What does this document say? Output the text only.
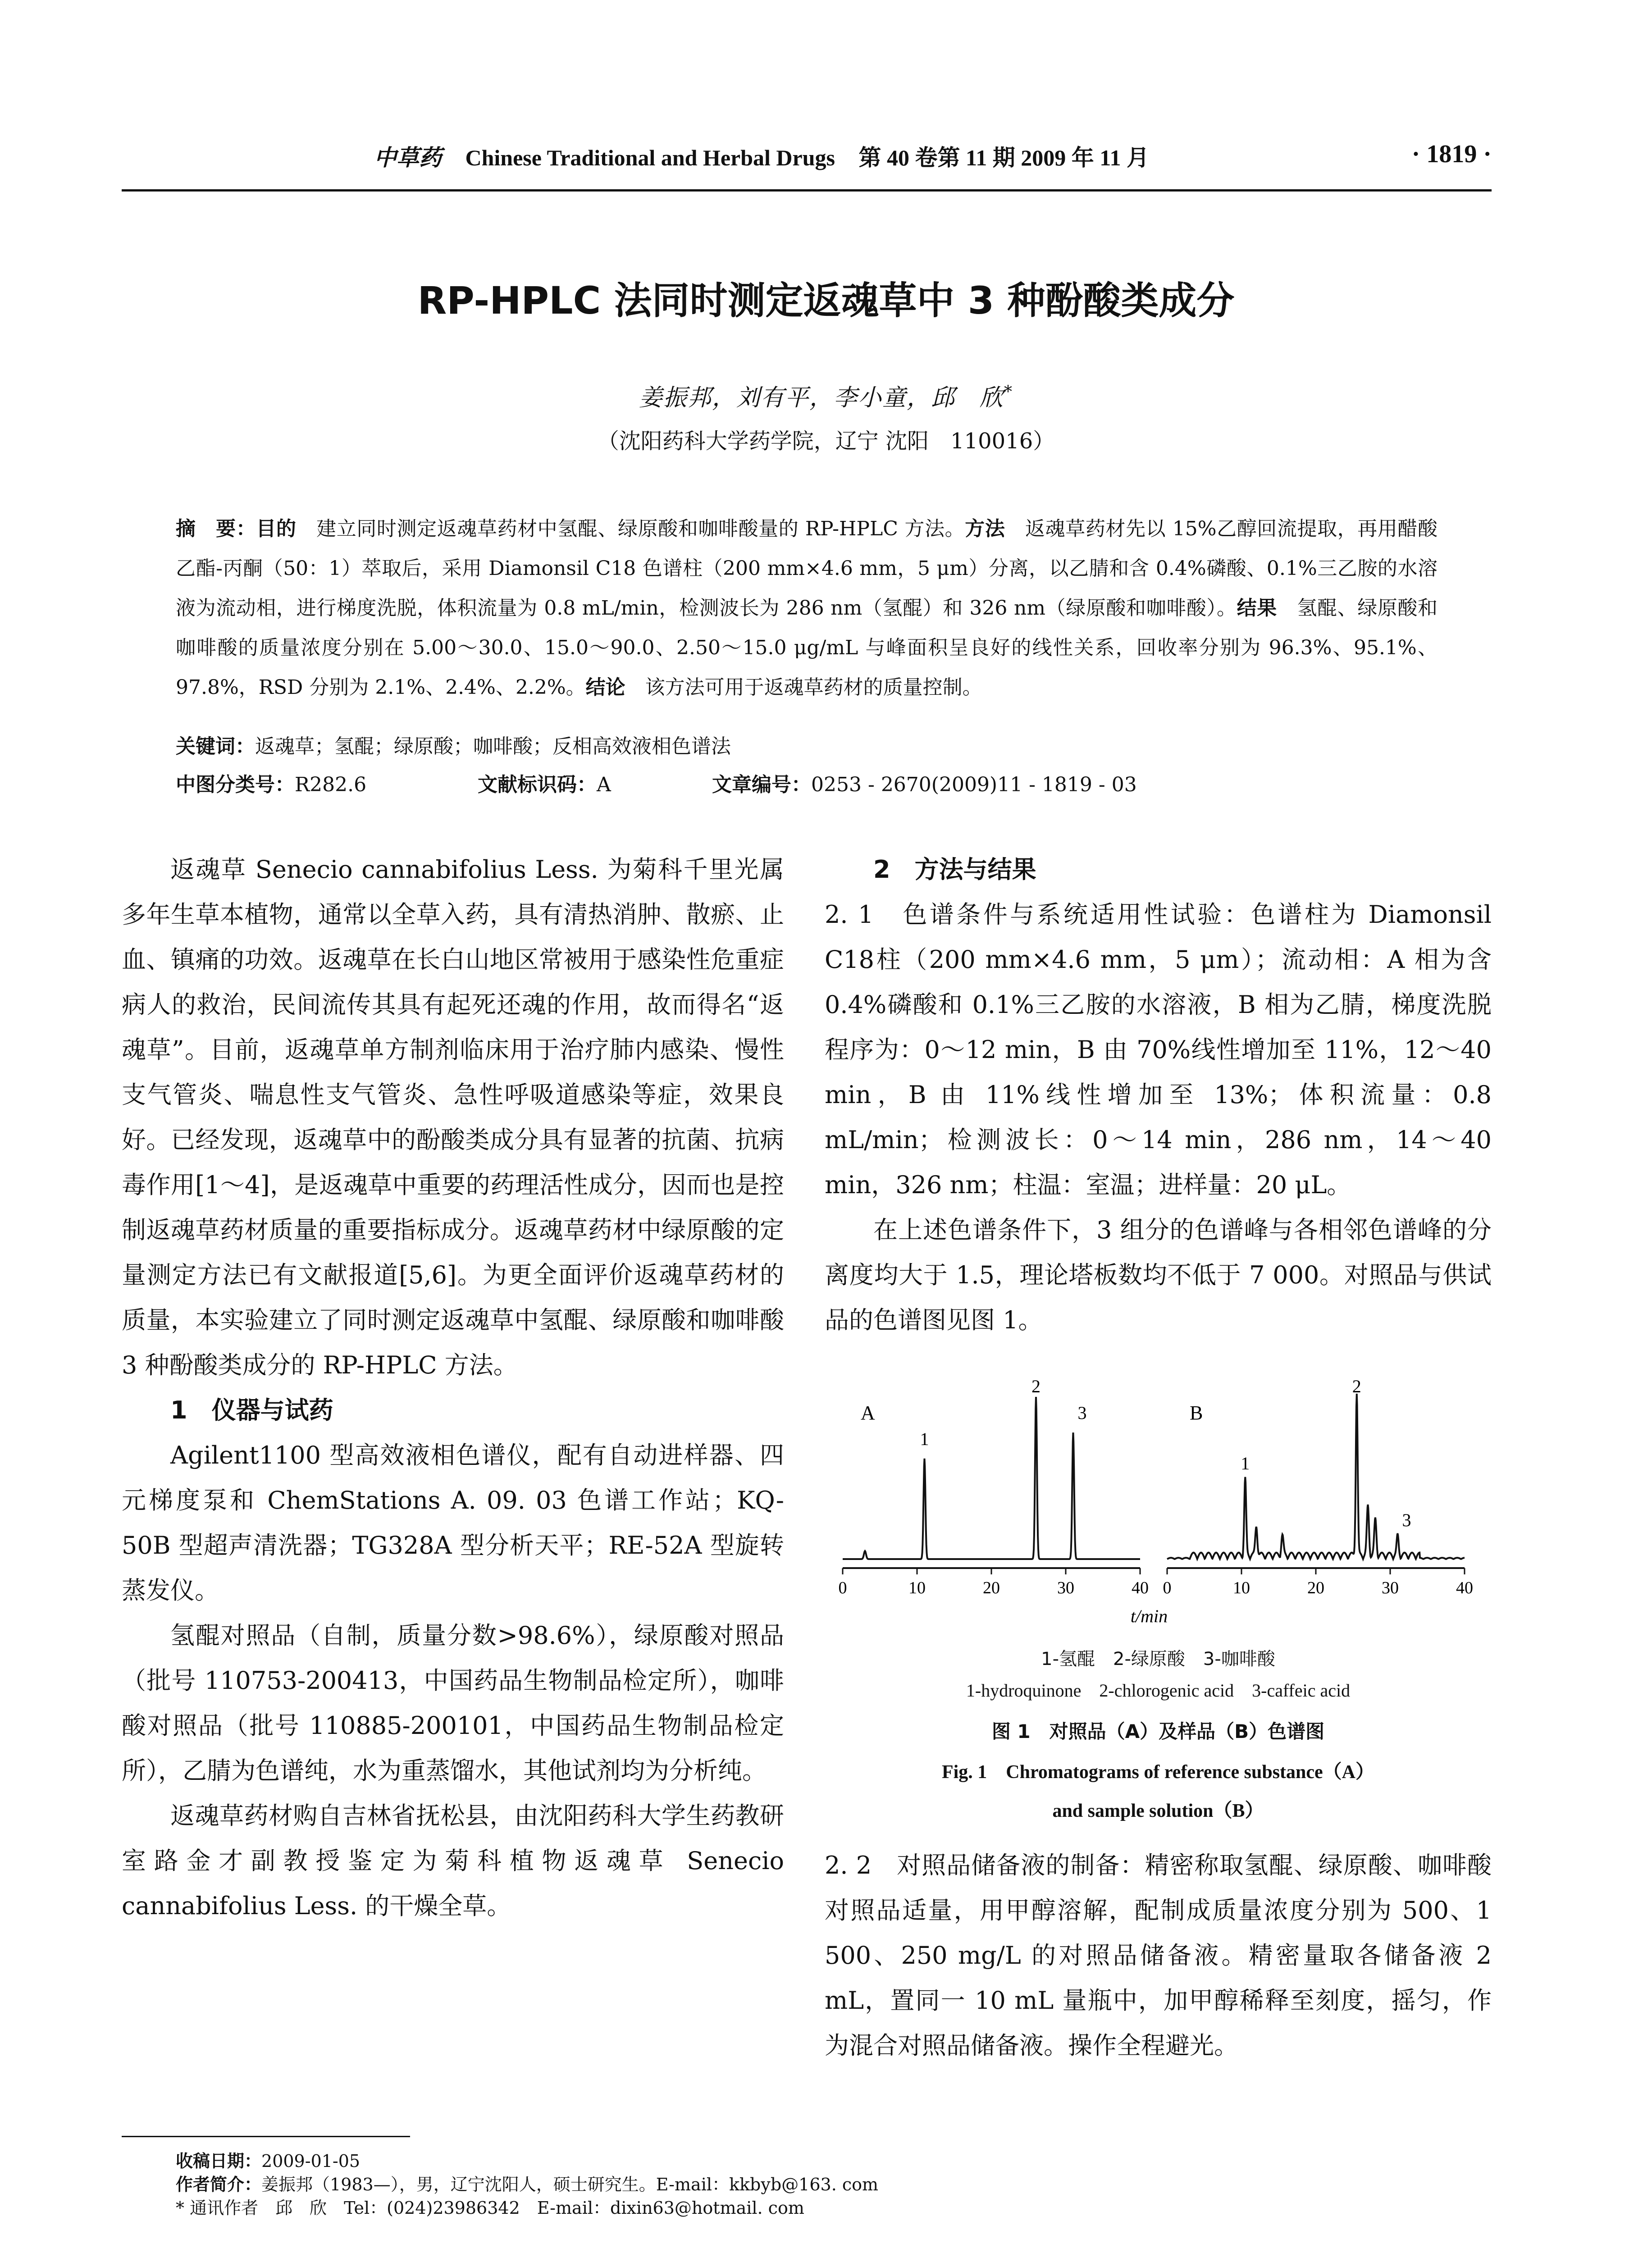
中草药 Chinese Traditional and Herbal Drugs 第 40 卷第 11 期 2009 年 11 月	· 1819 ·
RP-HPLC 法同时测定返魂草中 3 种酚酸类成分
姜振邦，刘有平，李小童，邱　欣*
（沈阳药科大学药学院，辽宁 沈阳　110016）
摘　要：目的　 建立同时测定返魂草药材中氢醌、绿原酸和咖啡酸量的 RP-HPLC 方法。方法　 返魂草药材先以 15%乙醇回流提取，再用醋酸乙酯-丙酮（50：1）萃取后，采用 Diamonsil C18 色谱柱（200 mm×4.6 mm，5 μm）分离，以乙腈和含 0.4%磷酸、0.1%三乙胺的水溶液为流动相，进行梯度洗脱，体积流量为 0.8 mL/min，检测波长为 286 nm（氢醌）和 326 nm（绿原酸和咖啡酸）。结果　 氢醌、绿原酸和咖啡酸的质量浓度分别在 5.00～30.0、15.0～90.0、2.50～15.0 μg/mL 与峰面积呈良好的线性关系，回收率分别为 96.3%、95.1%、97.8%，RSD 分别为 2.1%、2.4%、2.2%。结论　 该方法可用于返魂草药材的质量控制。
关键词：返魂草；氢醌；绿原酸；咖啡酸；反相高效液相色谱法
中图分类号：R282.6	文献标识码：A	文章编号：0253 - 2670(2009)11 - 1819 - 03

返魂草 Senecio cannabifolius Less. 为菊科千里光属多年生草本植物，通常以全草入药，具有清热消肿、散瘀、止血、镇痛的功效。返魂草在长白山地区常被用于感染性危重症病人的救治，民间流传其具有起死还魂的作用，故而得名“返魂草”。目前，返魂草单方制剂临床用于治疗肺内感染、慢性支气管炎、喘息性支气管炎、急性呼吸道感染等症，效果良好。已经发现，返魂草中的酚酸类成分具有显著的抗菌、抗病毒作用[1～4]，是返魂草中重要的药理活性成分，因而也是控制返魂草药材质量的重要指标成分。返魂草药材中绿原酸的定量测定方法已有文献报道[5,6]。为更全面评价返魂草药材的质量，本实验建立了同时测定返魂草中氢醌、绿原酸和咖啡酸 3 种酚酸类成分的 RP-HPLC 方法。

1　仪器与试药

Agilent1100 型高效液相色谱仪，配有自动进样器、四元梯度泵和 ChemStations A. 09. 03 色谱工作站；KQ-50B 型超声清洗器；TG328A 型分析天平；RE-52A 型旋转蒸发仪。

氢醌对照品（自制，质量分数>98.6%），绿原酸对照品（批号 110753-200413，中国药品生物制品检定所），咖啡酸对照品（批号 110885-200101，中国药品生物制品检定所），乙腈为色谱纯，水为重蒸馏水，其他试剂均为分析纯。

返魂草药材购自吉林省抚松县，由沈阳药科大学生药教研室路金才副教授鉴定为菊科植物返魂草 Senecio cannabifolius Less. 的干燥全草。

2　方法与结果

2. 1　色谱条件与系统适用性试验：色谱柱为 Diamonsil C18柱（200 mm×4.6 mm，5 μm）；流动相：A 相为含 0.4%磷酸和 0.1%三乙胺的水溶液，B 相为乙腈，梯度洗脱程序为：0～12 min，B 由 70%线性增加至 11%，12～40 min，B 由 11%线性增加至 13%；体积流量：0.8 mL/min；检测波长：0～14 min，286 nm，14～40 min，326 nm；柱温：室温；进样量：20 μL。

在上述色谱条件下，3 组分的色谱峰与各相邻色谱峰的分离度均大于 1.5，理论塔板数均不低于 7 000。对照品与供试品的色谱图见图 1。

A
0	10	20	30	40
1
2
3	B
0	10	20	30	40
1
2
3
t/min
1-氢醌　2-绿原酸　3-咖啡酸
1-hydroquinone　2-chlorogenic acid　3-caffeic acid
图 1　对照品（A）及样品（B）色谱图
Fig. 1　Chromatograms of reference substance（A）
and sample solution（B）

2. 2　对照品储备液的制备：精密称取氢醌、绿原酸、咖啡酸对照品适量，用甲醇溶解，配制成质量浓度分别为 500、1 500、250 mg/L 的对照品储备液。精密量取各储备液 2 mL，置同一 10 mL 量瓶中，加甲醇稀释至刻度，摇匀，作为混合对照品储备液。操作全程避光。

收稿日期：2009-01-05
作者简介：姜振邦（1983—），男，辽宁沈阳人，硕士研究生。E-mail：kkbyb@163. com
* 通讯作者　邱　欣　 Tel：(024)23986342　E-mail：dixin63@hotmail. com
